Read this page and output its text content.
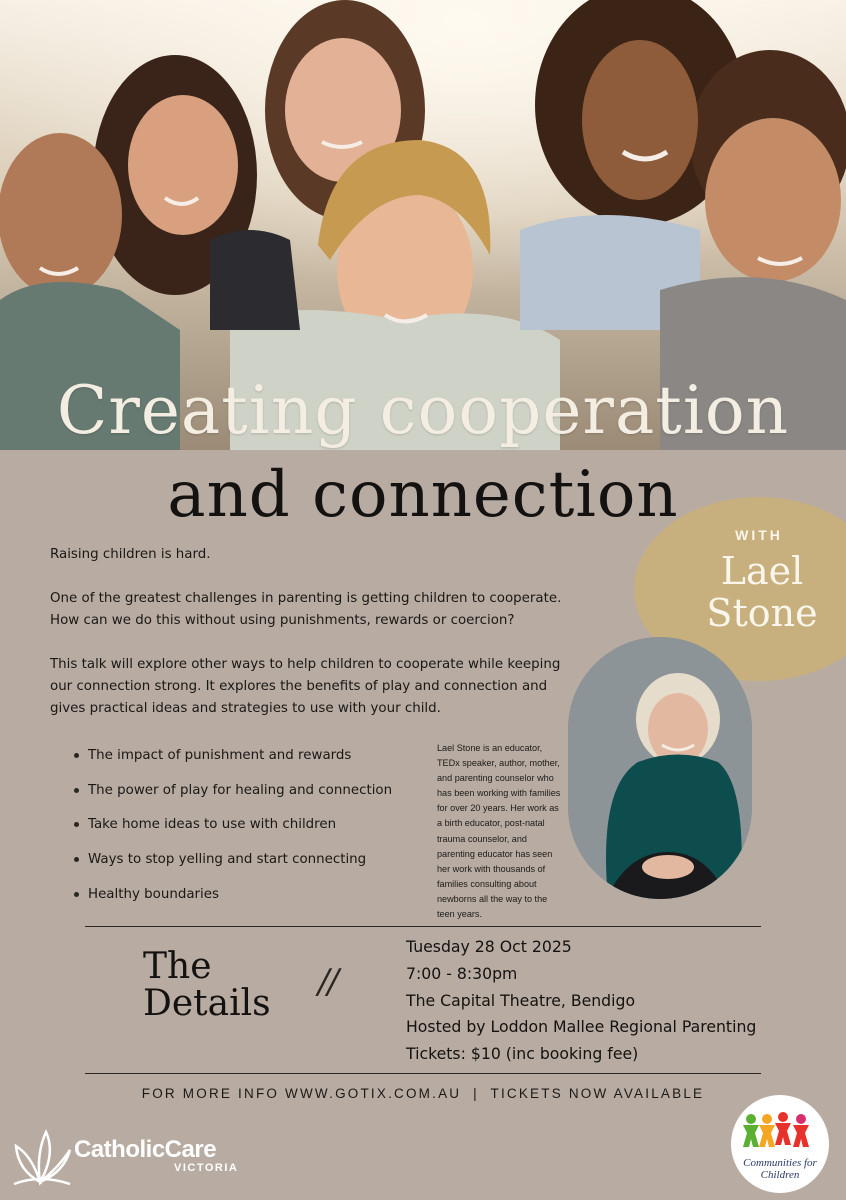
Creating cooperation
and connection
WITH
Lael
Stone

Raising children is hard.

One of the greatest challenges in parenting is getting children to cooperate. How can we do this without using punishments, rewards or coercion?

This talk will explore other ways to help children to cooperate while keeping our connection strong. It explores the benefits of play and connection and gives practical ideas and strategies to use with your child.

The impact of punishment and rewards
The power of play for healing and connection
Take home ideas to use with children
Ways to stop yelling and start connecting
Healthy boundaries
Lael Stone is an educator, TEDx speaker, author, mother, and parenting counselor who has been working with families for over 20 years. Her work as a birth educator, post-natal trauma counselor, and parenting educator has seen her work with thousands of families consulting about newborns all the way to the teen years.
The
Details
//
Tuesday 28 Oct 2025
7:00 - 8:30pm
The Capital Theatre, Bendigo
Hosted by Loddon Mallee Regional Parenting
Tickets: $10 (inc booking fee)
FOR MORE INFO WWW.GOTIX.COM.AU  |  TICKETS NOW AVAILABLE
CatholicCare
VICTORIA	Communities for Children
